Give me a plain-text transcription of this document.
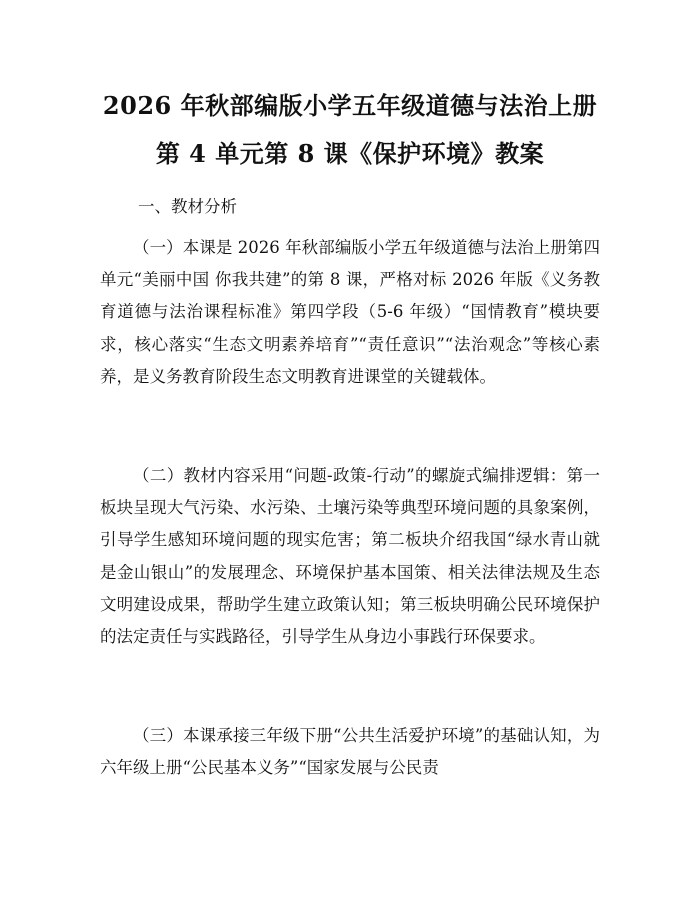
2026 年秋部编版小学五年级道德与法治上册
第 4 单元第 8 课《保护环境》教案
一、教材分析
（一）本课是 2026 年秋部编版小学五年级道德与法治上册第四单元“美丽中国 你我共建”的第 8 课，严格对标 2026 年版《义务教育道德与法治课程标准》第四学段（5-6 年级）“国情教育”模块要求，核心落实“生态文明素养培育”“责任意识”“法治观念”等核心素养，是义务教育阶段生态文明教育进课堂的关键载体。
（二）教材内容采用“问题-政策-行动”的螺旋式编排逻辑：第一板块呈现大气污染、水污染、土壤污染等典型环境问题的具象案例，引导学生感知环境问题的现实危害；第二板块介绍我国“绿水青山就是金山银山”的发展理念、环境保护基本国策、相关法律法规及生态文明建设成果，帮助学生建立政策认知；第三板块明确公民环境保护的法定责任与实践路径，引导学生从身边小事践行环保要求。
（三）本课承接三年级下册“公共生活爱护环境”的基础认知，为六年级上册“公民基本义务”“国家发展与公民责
